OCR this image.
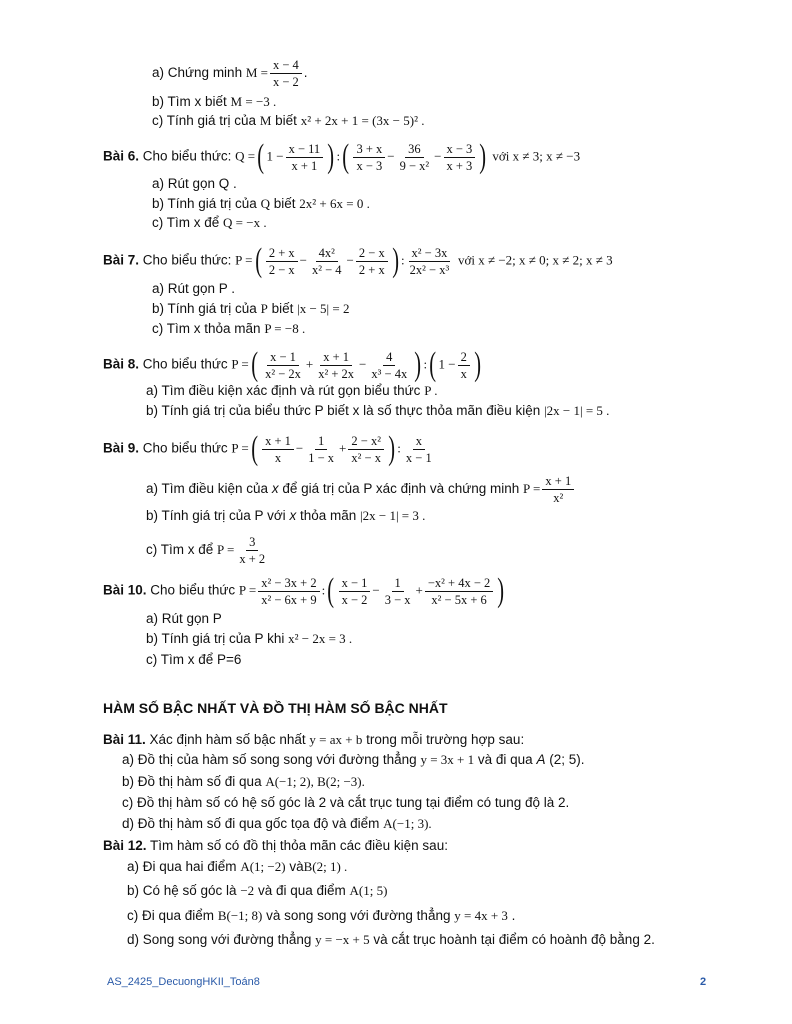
a) Chứng minh $M = \frac{x - 4}{x - 2}$ .
b) Tìm x biết M = −3 .
c) Tính giá trị của M biết x² + 2x + 1 = (3x − 5)² .
Bài 6. Cho biểu thức: Q =( $1 - \frac{x - 11}{x + 1}$ ) :( $\frac{3 + x}{x - 3} - \frac{36}{\text{9 − x²}} - \frac{x - 3}{x + 3}$ ) với x ≠ 3; x ≠ −3
a) Rút gọn Q .
b) Tính giá trị của Q biết 2x² + 6x = 0 .
c) Tìm x để Q = −x .
Bài 7. Cho biểu thức: P =( $\frac{2 + x}{2 - x} - \frac{\text{4x²}}{\text{x² − 4}} - \frac{2 - x}{2 + x}$ ) : $\frac{\text{x² − 3x}}{\text{2x² − x³}}$ với x ≠ −2; x ≠ 0; x ≠ 2; x ≠ 3
a) Rút gọn P .
b) Tính giá trị của P biết |x − 5| = 2
c) Tìm x thỏa mãn P = −8 .
Bài 8. Cho biểu thức P =( $\frac{x - 1}{\text{x² − 2x}} + \frac{x + 1}{\text{x² + 2x}} - \frac{4}{\text{x³ − 4x}}$ ) :( $1 - \frac{2}{x}$ )
a) Tìm điều kiện xác định và rút gọn biểu thức P .
b) Tính giá trị của biểu thức P biết x là số thực thỏa mãn điều kiện |2x − 1| = 5 .
Bài 9. Cho biểu thức P =( $\frac{x + 1}{x} - \frac{1}{1 - x} + \frac{\text{2 − x²}}{\text{x² − x}}$ ) : $\frac{x}{x - 1}$
a) Tìm điều kiện của x để giá trị của P xác định và chứng minh $P = \frac{x + 1}{\text{x²}}$
b) Tính giá trị của P với x thỏa mãn |2x − 1| = 3 .
c) Tìm x để $P = \frac{3}{x + 2}$
Bài 10. Cho biểu thức $P = \frac{\text{x² − 3x + 2}}{\text{x² − 6x + 9}}$ :( $\frac{x - 1}{x - 2} - \frac{1}{3 - x} + \frac{\text{−x² + 4x − 2}}{\text{x² − 5x + 6}}$ )
a) Rút gọn P
b) Tính giá trị của P khi x² − 2x = 3 .
c) Tìm x để P=6
HÀM SỐ BẬC NHẤT VÀ ĐỒ THỊ HÀM SỐ BẬC NHẤT
Bài 11. Xác định hàm số bậc nhất y = ax + b trong mỗi trường hợp sau:
a) Đồ thị của hàm số song song với đường thẳng y = 3x + 1 và đi qua A (2; 5).
b) Đồ thị hàm số đi qua A(−1; 2), B(2; −3).
c) Đồ thị hàm số có hệ số góc là 2 và cắt trục tung tại điểm có tung độ là 2.
d) Đồ thị hàm số đi qua gốc tọa độ và điểm A(−1; 3).
Bài 12. Tìm hàm số có đồ thị thỏa mãn các điều kiện sau:
a) Đi qua hai điểm A(1; −2) vàB(2; 1) .
b) Có hệ số góc là −2 và đi qua điểm A(1; 5)
c) Đi qua điểm B(−1; 8) và song song với đường thẳng y = 4x + 3 .
d) Song song với đường thẳng y = −x + 5 và cắt trục hoành tại điểm có hoành độ bằng 2.
AS_2425_DecuongHKII_Toán8	2
